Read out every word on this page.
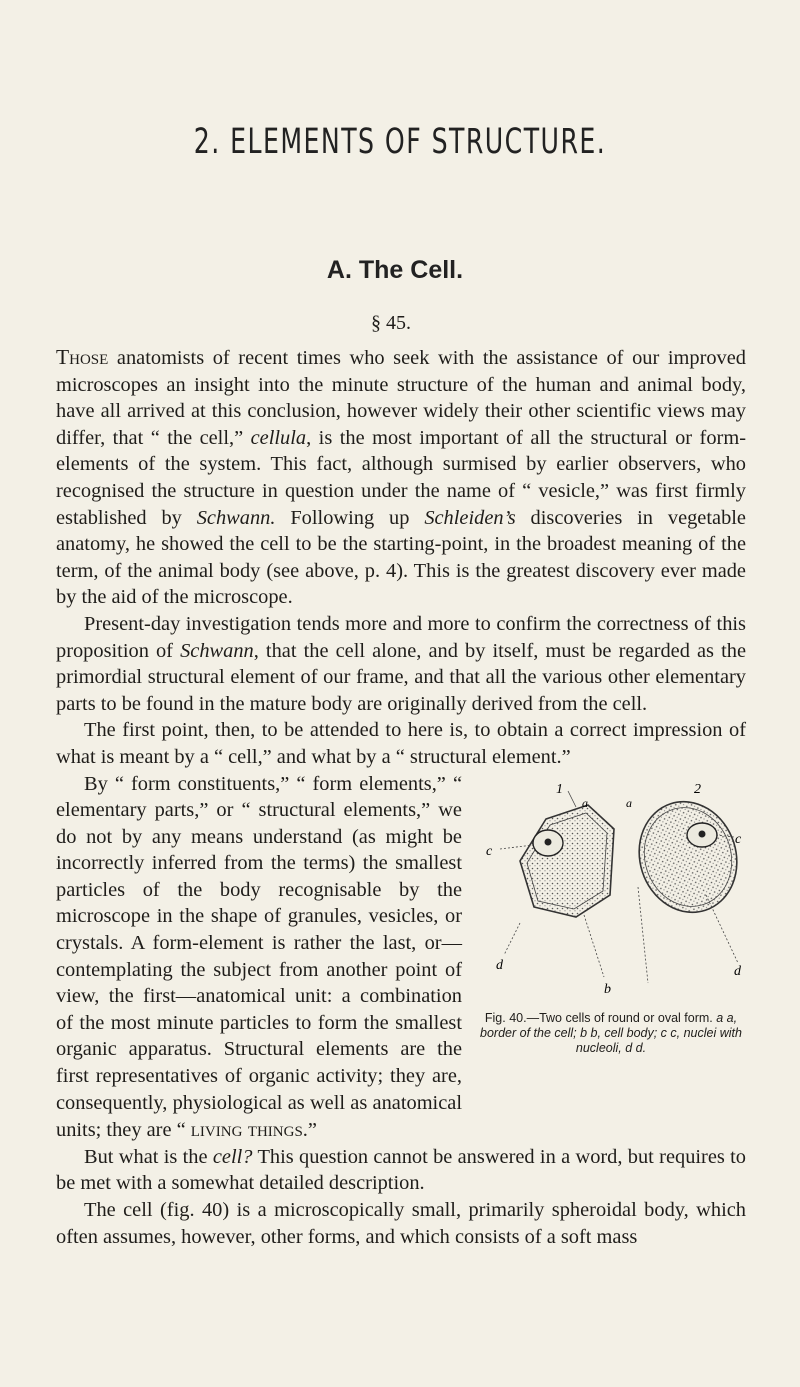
2. ELEMENTS OF STRUCTURE.
A. The Cell.
§ 45.

Those anatomists of recent times who seek with the assistance of our improved microscopes an insight into the minute structure of the human and animal body, have all arrived at this conclusion, however widely their other scientific views may differ, that “ the cell,” cellula, is the most important of all the structural or form-elements of the system. This fact, although surmised by earlier observers, who recognised the structure in question under the name of “ vesicle,” was first firmly established by Schwann. Following up Schleiden’s discoveries in vegetable anatomy, he showed the cell to be the starting-point, in the broadest meaning of the term, of the animal body (see above, p. 4). This is the greatest discovery ever made by the aid of the microscope.

Present-day investigation tends more and more to confirm the correctness of this proposition of Schwann, that the cell alone, and by itself, must be regarded as the primordial structural element of our frame, and that all the various other elementary parts to be found in the mature body are originally derived from the cell.

The first point, then, to be attended to here is, to obtain a correct impression of what is meant by a “ cell,” and what by a “ structural element.”

1	2
a	a
c
c
d	d
b
Fig. 40.—Two cells of round or oval form. a a, border of the cell; b b, cell body; c c, nuclei with nucleoli, d d.
By “ form constituents,” “ form elements,” “ elementary parts,” or “ structural elements,” we do not by any means understand (as might be incorrectly inferred from the terms) the smallest particles of the body recognisable by the microscope in the shape of granules, vesicles, or crystals. A form-element is rather the last, or—contemplating the subject from another point of view, the first—anatomical unit: a combination of the most minute particles to form the smallest organic apparatus. Structural elements are the first representatives of organic activity; they are, consequently, physiological as well as anatomical units; they are “ living things.”

But what is the cell? This question cannot be answered in a word, but requires to be met with a somewhat detailed description.

The cell (fig. 40) is a microscopically small, primarily spheroidal body, which often assumes, however, other forms, and which consists of a soft mass
